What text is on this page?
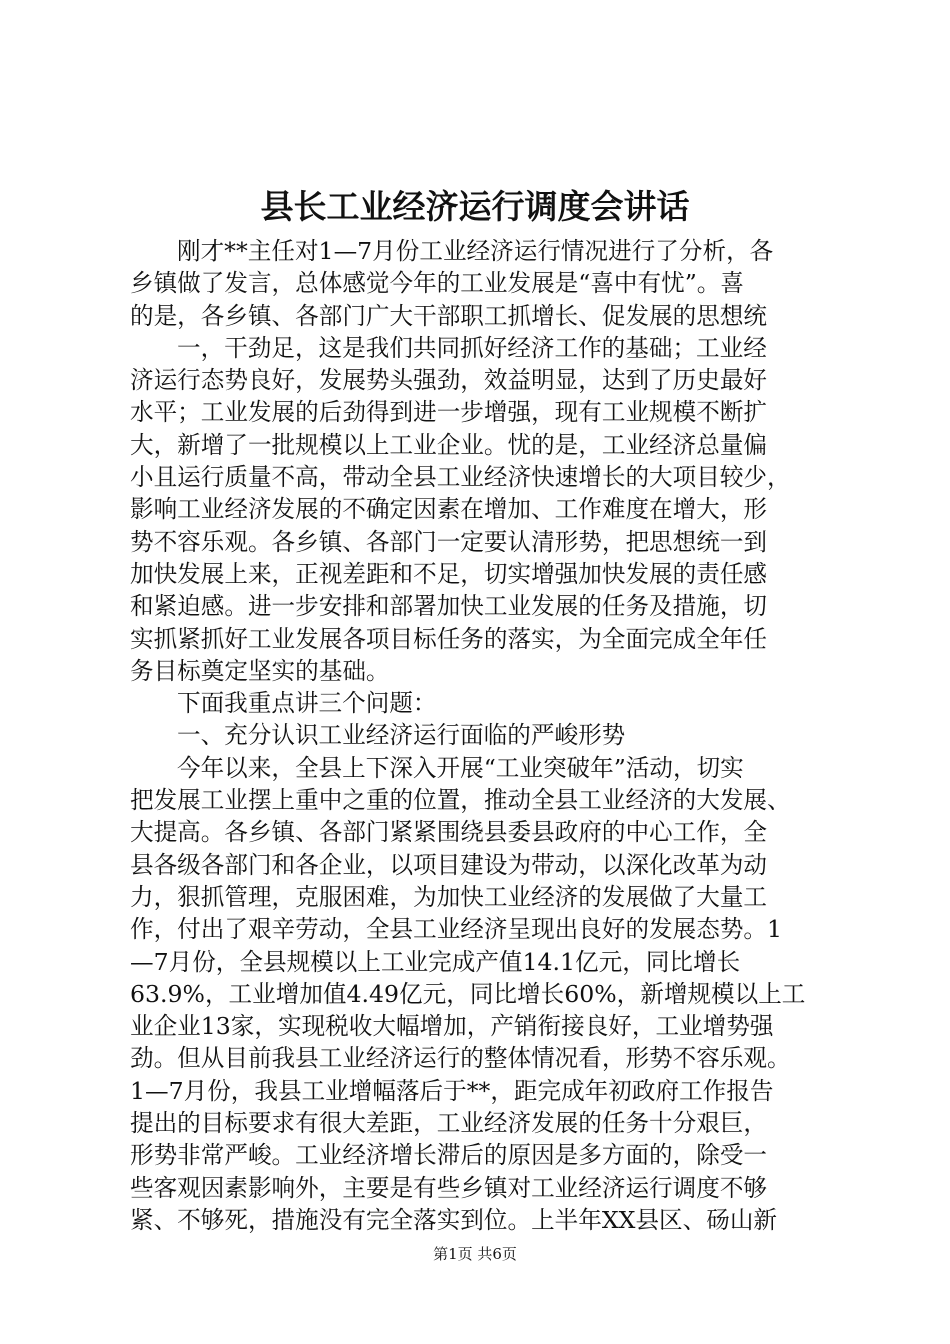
县长工业经济运行调度会讲话
刚才**主任对1—7月份工业经济运行情况进行了分析，各
乡镇做了发言，总体感觉今年的工业发展是“喜中有忧”。喜
的是，各乡镇、各部门广大干部职工抓增长、促发展的思想统
一，干劲足，这是我们共同抓好经济工作的基础；工业经
济运行态势良好，发展势头强劲，效益明显，达到了历史最好
水平；工业发展的后劲得到进一步增强，现有工业规模不断扩
大，新增了一批规模以上工业企业。忧的是，工业经济总量偏
小且运行质量不高，带动全县工业经济快速增长的大项目较少，
影响工业经济发展的不确定因素在增加、工作难度在增大，形
势不容乐观。各乡镇、各部门一定要认清形势，把思想统一到
加快发展上来，正视差距和不足，切实增强加快发展的责任感
和紧迫感。进一步安排和部署加快工业发展的任务及措施，切
实抓紧抓好工业发展各项目标任务的落实，为全面完成全年任
务目标奠定坚实的基础。
下面我重点讲三个问题：
一、充分认识工业经济运行面临的严峻形势
今年以来，全县上下深入开展“工业突破年”活动，切实
把发展工业摆上重中之重的位置，推动全县工业经济的大发展、
大提高。各乡镇、各部门紧紧围绕县委县政府的中心工作，全
县各级各部门和各企业，以项目建设为带动，以深化改革为动
力，狠抓管理，克服困难，为加快工业经济的发展做了大量工
作，付出了艰辛劳动，全县工业经济呈现出良好的发展态势。1
—7月份，全县规模以上工业完成产值14.1亿元，同比增长
63.9%，工业增加值4.49亿元，同比增长60%，新增规模以上工
业企业13家，实现税收大幅增加，产销衔接良好，工业增势强
劲。但从目前我县工业经济运行的整体情况看，形势不容乐观。
1—7月份，我县工业增幅落后于**，距完成年初政府工作报告
提出的目标要求有很大差距，工业经济发展的任务十分艰巨，
形势非常严峻。工业经济增长滞后的原因是多方面的，除受一
些客观因素影响外，主要是有些乡镇对工业经济运行调度不够
紧、不够死，措施没有完全落实到位。上半年XX县区、砀山新
第1页 共6页
